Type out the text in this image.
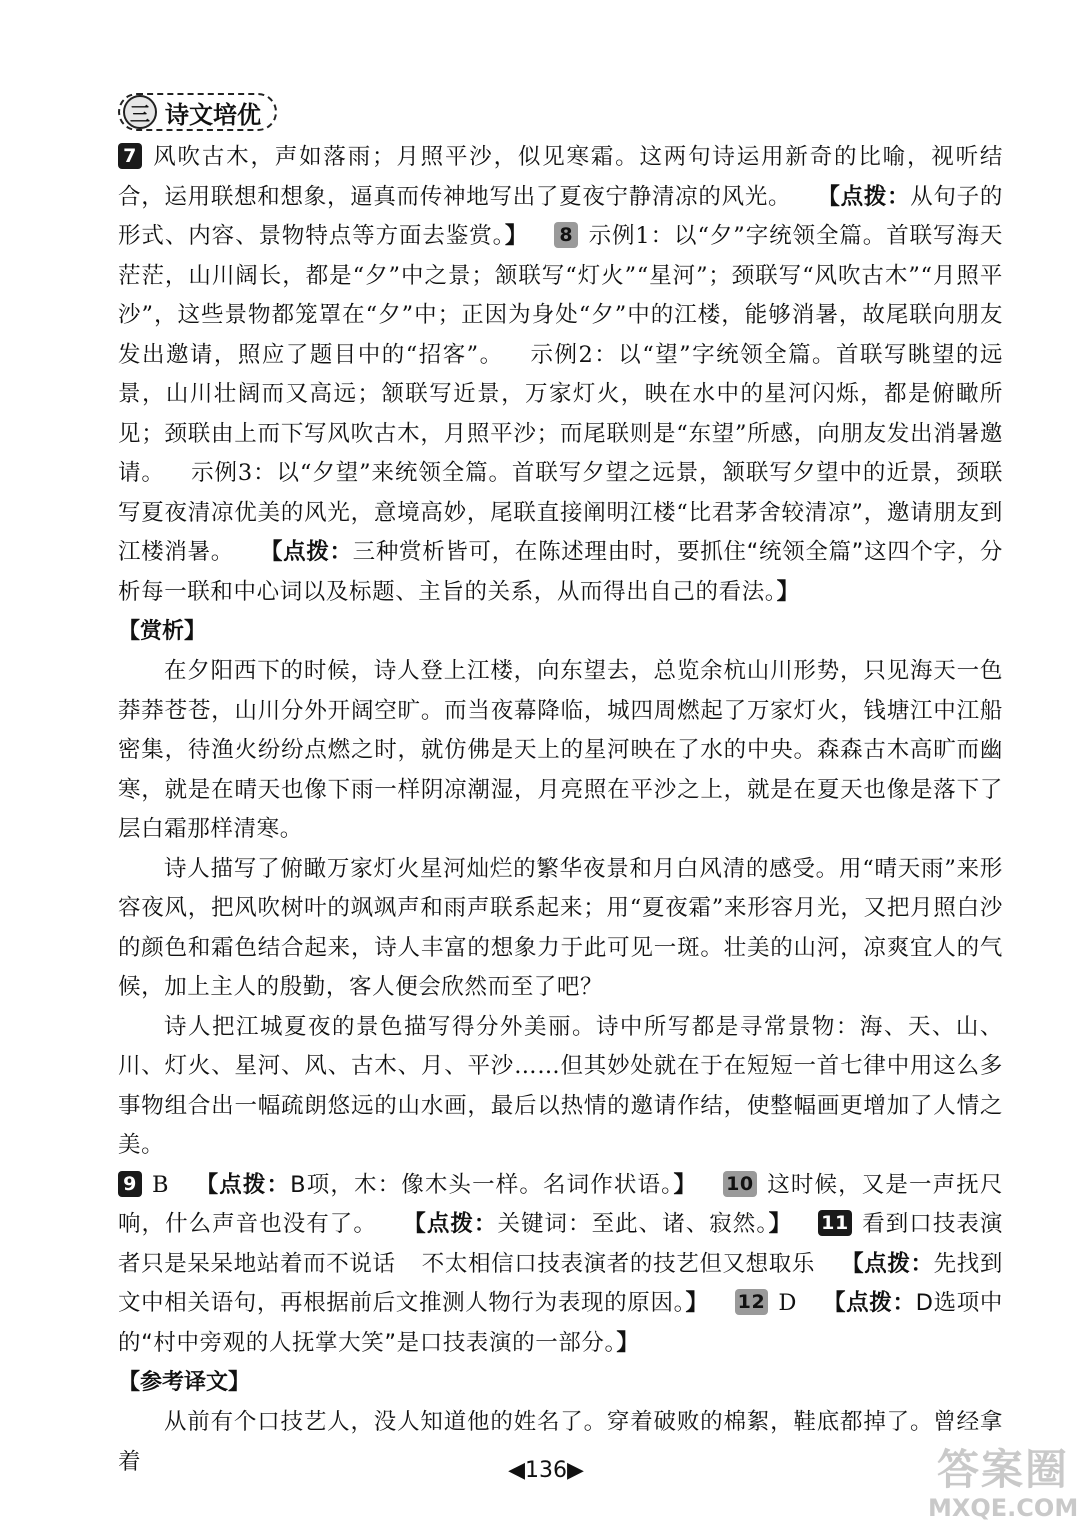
三 诗文培优

7 风吹古木，声如落雨；月照平沙，似见寒霜。这两句诗运用新奇的比喻，视听结合，运用联想和想象，逼真而传神地写出了夏夜宁静清凉的风光。 【点拨：从句子的形式、内容、景物特点等方面去鉴赏。】 8 示例1：以“夕”字统领全篇。首联写海天茫茫，山川阔长，都是“夕”中之景；颔联写“灯火”“星河”；颈联写“风吹古木”“月照平沙”，这些景物都笼罩在“夕”中；正因为身处“夕”中的江楼，能够消暑，故尾联向朋友发出邀请，照应了题目中的“招客”。 示例2：以“望”字统领全篇。首联写眺望的远景，山川壮阔而又高远；颔联写近景，万家灯火，映在水中的星河闪烁，都是俯瞰所见；颈联由上而下写风吹古木，月照平沙；而尾联则是“东望”所感，向朋友发出消暑邀请。 示例3：以“夕望”来统领全篇。首联写夕望之远景，颔联写夕望中的近景，颈联写夏夜清凉优美的风光，意境高妙，尾联直接阐明江楼“比君茅舍较清凉”，邀请朋友到江楼消暑。 【点拨：三种赏析皆可，在陈述理由时，要抓住“统领全篇”这四个字，分析每一联和中心词以及标题、主旨的关系，从而得出自己的看法。】

【赏析】

在夕阳西下的时候，诗人登上江楼，向东望去，总览余杭山川形势，只见海天一色莽莽苍苍，山川分外开阔空旷。而当夜幕降临，城四周燃起了万家灯火，钱塘江中江船密集，待渔火纷纷点燃之时，就仿佛是天上的星河映在了水的中央。森森古木高旷而幽寒，就是在晴天也像下雨一样阴凉潮湿，月亮照在平沙之上，就是在夏天也像是落下了层白霜那样清寒。

诗人描写了俯瞰万家灯火星河灿烂的繁华夜景和月白风清的感受。用“晴天雨”来形容夜风，把风吹树叶的飒飒声和雨声联系起来；用“夏夜霜”来形容月光，又把月照白沙的颜色和霜色结合起来，诗人丰富的想象力于此可见一斑。壮美的山河，凉爽宜人的气候，加上主人的殷勤，客人便会欣然而至了吧？

诗人把江城夏夜的景色描写得分外美丽。诗中所写都是寻常景物：海、天、山、川、灯火、星河、风、古木、月、平沙……但其妙处就在于在短短一首七律中用这么多事物组合出一幅疏朗悠远的山水画，最后以热情的邀请作结，使整幅画更增加了人情之美。

9 B 【点拨：B项，木：像木头一样。名词作状语。】 10 这时候，又是一声抚尺响，什么声音也没有了。 【点拨：关键词：至此、诸、寂然。】 11 看到口技表演者只是呆呆地站着而不说话 不太相信口技表演者的技艺但又想取乐 【点拨：先找到文中相关语句，再根据前后文推测人物行为表现的原因。】 12 D 【点拨：D选项中的“村中旁观的人抚掌大笑”是口技表演的一部分。】

【参考译文】

从前有个口技艺人，没人知道他的姓名了。穿着破败的棉絮，鞋底都掉了。曾经拿着	◀136▶	答案圈
MXQE.COM
